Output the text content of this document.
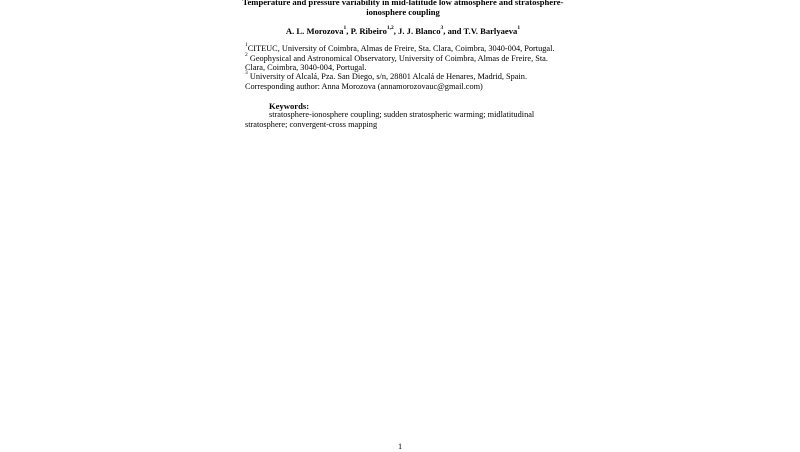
Temperature and pressure variability in mid-latitude low atmosphere and stratosphere-
ionosphere coupling
A. L. Morozova$^1$, P. Ribeiro$^{1,2}$, J. J. Blanco$^3$, and T.V. Barlyaeva$^1$
$^1$CITEUC, University of Coimbra, Almas de Freire, Sta. Clara, Coimbra, 3040-004, Portugal.
$^2$ Geophysical and Astronomical Observatory, University of Coimbra, Almas de Freire, Sta.
Clara, Coimbra, 3040-004, Portugal.
$^3$ University of Alcalá, Pza. San Diego, s/n, 28801 Alcalá de Henares, Madrid, Spain.
Corresponding author: Anna Morozova (annamorozovauc@gmail.com)
Keywords:
stratosphere-ionosphere coupling; sudden stratospheric warming; midlatitudinal
stratosphere; convergent-cross mapping
1
